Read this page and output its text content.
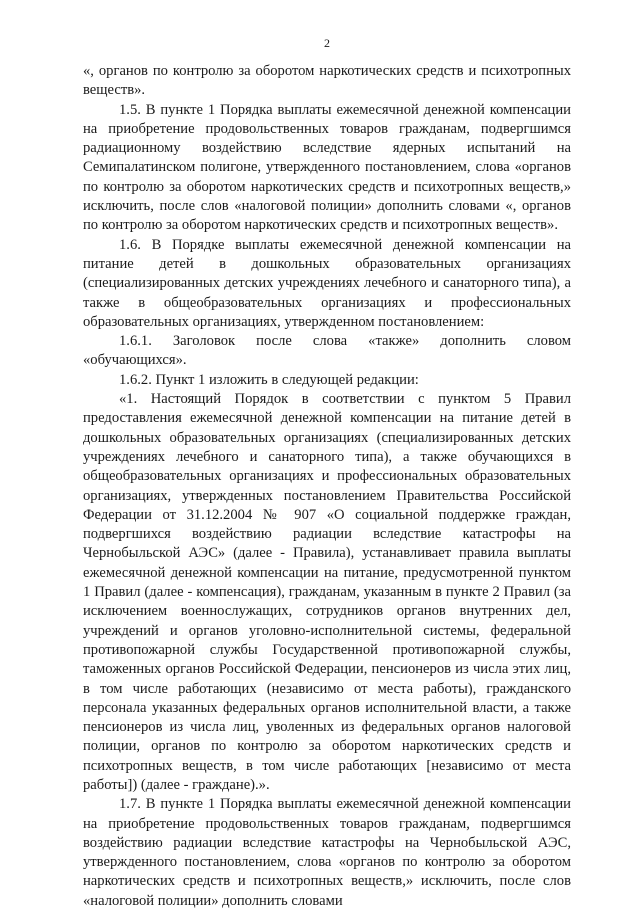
2

«, органов по контролю за оборотом наркотических средств и психотропных веществ».

1.5. В пункте 1 Порядка выплаты ежемесячной денежной компенсации на приобретение продовольственных товаров гражданам, подвергшимся радиационному воздействию вследствие ядерных испытаний на Семипалатинском полигоне, утвержденного постановлением, слова «органов по контролю за оборотом наркотических средств и психотропных веществ,» исключить, после слов «налоговой полиции» дополнить словами «, органов по контролю за оборотом наркотических средств и психотропных веществ».

1.6. В Порядке выплаты ежемесячной денежной компенсации на питание детей в дошкольных образовательных организациях (специализированных детских учреждениях лечебного и санаторного типа), а также в общеобразовательных организациях и профессиональных образовательных организациях, утвержденном постановлением:

1.6.1. Заголовок после слова «также» дополнить словом «обучающихся».

1.6.2. Пункт 1 изложить в следующей редакции:

«1. Настоящий Порядок в соответствии с пунктом 5 Правил предоставления ежемесячной денежной компенсации на питание детей в дошкольных образовательных организациях (специализированных детских учреждениях лечебного и санаторного типа), а также обучающихся в общеобразовательных организациях и профессиональных образовательных организациях, утвержденных постановлением Правительства Российской Федерации от 31.12.2004 № 907 «О социальной поддержке граждан, подвергшихся воздействию радиации вследствие катастрофы на Чернобыльской АЭС» (далее - Правила), устанавливает правила выплаты ежемесячной денежной компенсации на питание, предусмотренной пунктом 1 Правил (далее - компенсация), гражданам, указанным в пункте 2 Правил (за исключением военнослужащих, сотрудников органов внутренних дел, учреждений и органов уголовно-исполнительной системы, федеральной противопожарной службы Государственной противопожарной службы, таможенных органов Российской Федерации, пенсионеров из числа этих лиц, в том числе работающих (независимо от места работы), гражданского персонала указанных федеральных органов исполнительной власти, а также пенсионеров из числа лиц, уволенных из федеральных органов налоговой полиции, органов по контролю за оборотом наркотических средств и психотропных веществ, в том числе работающих [независимо от места работы]) (далее - граждане).».

1.7. В пункте 1 Порядка выплаты ежемесячной денежной компенсации на приобретение продовольственных товаров гражданам, подвергшимся воздействию радиации вследствие катастрофы на Чернобыльской АЭС, утвержденного постановлением, слова «органов по контролю за оборотом наркотических средств и психотропных веществ,» исключить, после слов «налоговой полиции» дополнить словами
